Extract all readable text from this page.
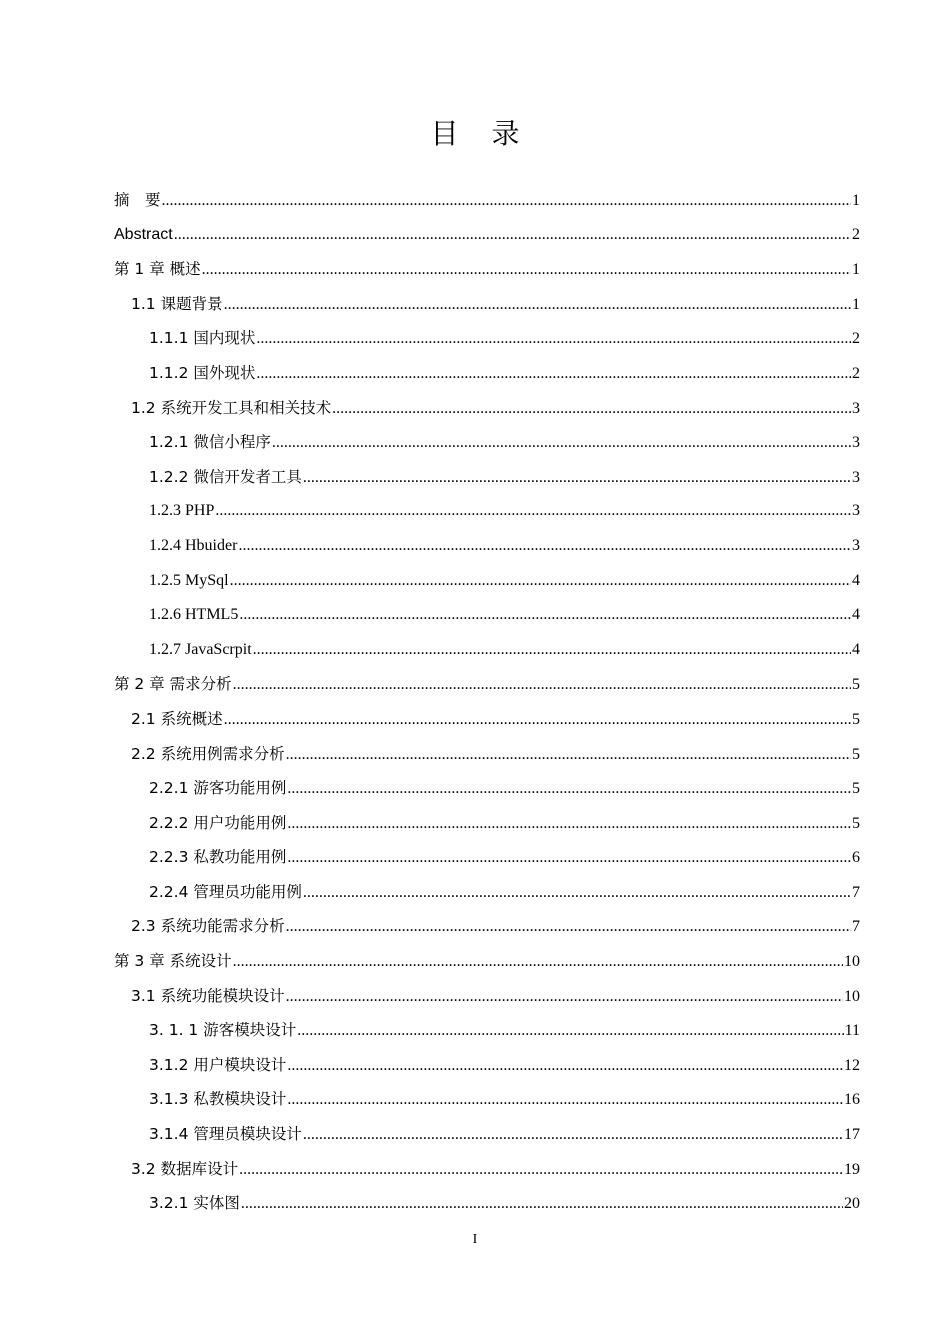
目 录
摘　要 .....	1
Abstract .....	2
第 1 章 概述 .....	1
1.1 课题背景 .....	1
1.1.1 国内现状 .....	2
1.1.2 国外现状 .....	2
1.2 系统开发工具和相关技术 .....	3
1.2.1 微信小程序 .....	3
1.2.2 微信开发者工具 .....	3
1.2.3 PHP .....	3
1.2.4 Hbuider .....	3
1.2.5 MySql .....	4
1.2.6 HTML5 .....	4
1.2.7 JavaScrpit .....	4
第 2 章 需求分析 .....	5
2.1 系统概述 .....	5
2.2 系统用例需求分析 .....	5
2.2.1 游客功能用例 .....	5
2.2.2 用户功能用例 .....	5
2.2.3 私教功能用例 .....	6
2.2.4 管理员功能用例 .....	7
2.3 系统功能需求分析 .....	7
第 3 章 系统设计 .....	10
3.1 系统功能模块设计 .....	10
3. 1. 1 游客模块设计 .....	11
3.1.2 用户模块设计 .....	12
3.1.3 私教模块设计 .....	16
3.1.4 管理员模块设计 .....	17
3.2 数据库设计 .....	19
3.2.1 实体图 .....	20
I
